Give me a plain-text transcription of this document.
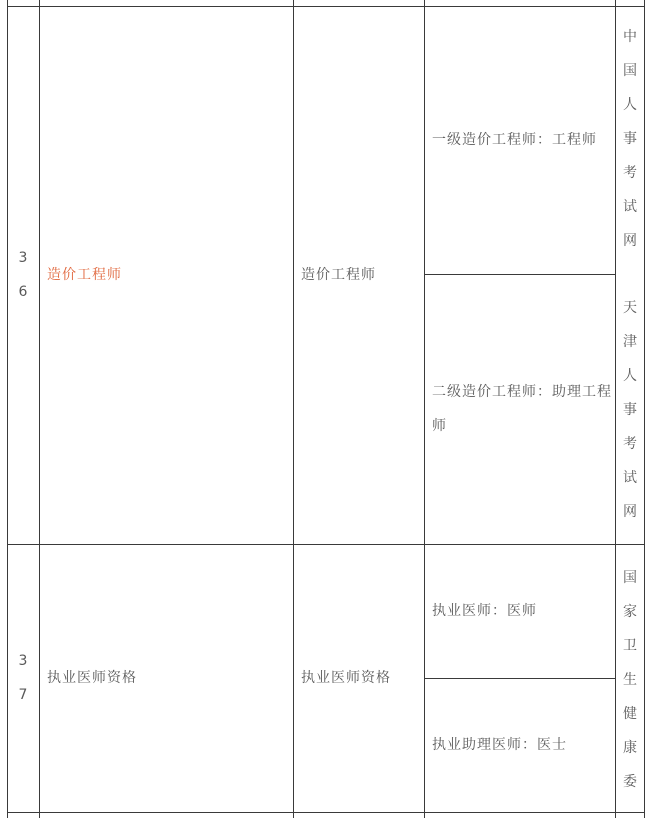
36
造价工程师	造价工程师
一级造价工程师：工程师
中国人事考试网
二级造价工程师：助理工程师
天津人事考试网
37
执业医师资格	执业医师资格
执业医师：医师
国家卫生健康委
执业助理医师：医士
